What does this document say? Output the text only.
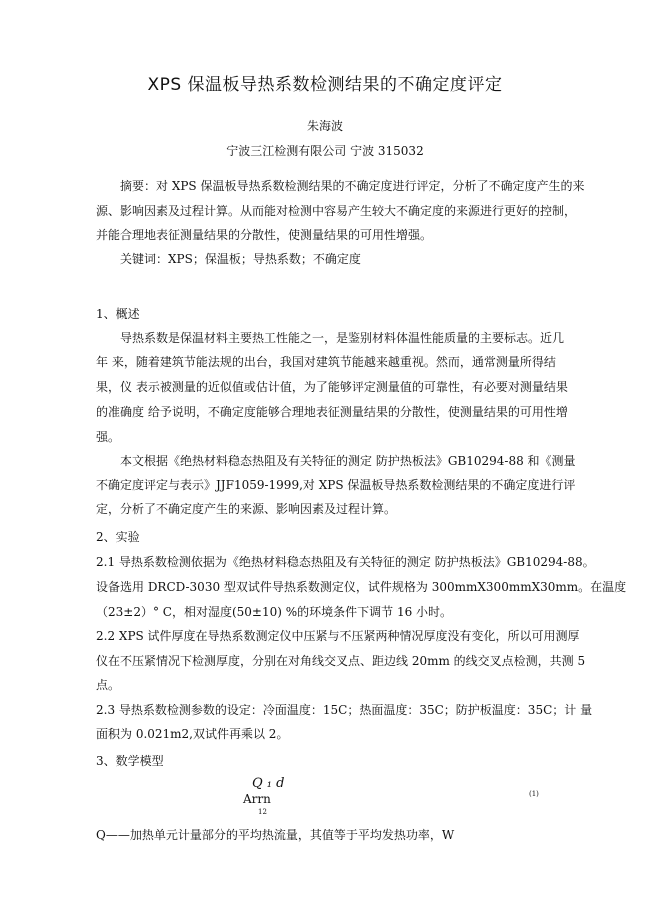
XPS 保温板导热系数检测结果的不确定度评定
朱海波
宁波三江检测有限公司 宁波 315032
摘要：对 XPS 保温板导热系数检测结果的不确定度进行评定，分析了不确定度产生的来
源、影响因素及过程计算。从而能对检测中容易产生较大不确定度的来源进行更好的控制，
并能合理地表征测量结果的分散性，使测量结果的可用性增强。
关键词：XPS；保温板；导热系数；不确定度
1、概述
导热系数是保温材料主要热工性能之一，是鉴别材料体温性能质量的主要标志。近几
年 来，随着建筑节能法规的出台，我国对建筑节能越来越重视。然而，通常测量所得结
果，仪 表示被测量的近似值或估计值，为了能够评定测量值的可靠性，有必要对测量结果
的准确度 给予说明，不确定度能够合理地表征测量结果的分散性，使测量结果的可用性增
强。
本文根据《绝热材料稳态热阻及有关特征的测定 防护热板法》GB10294-88 和《测量
不确定度评定与表示》JJF1059-1999,对 XPS 保温板导热系数检测结果的不确定度进行评
定，分析了不确定度产生的来源、影响因素及过程计算。
2、实验
2.1 导热系数检测依据为《绝热材料稳态热阻及有关特征的测定 防护热板法》GB10294-88。
设备选用 DRCD-3030 型双试件导热系数测定仪，试件规格为 300mmX300mmX30mm。在温度
（23±2）° C，相对湿度(50±10) %的环境条件下调节 16 小时。
2.2 XPS 试件厚度在导热系数测定仪中压紧与不压紧两种情况厚度没有变化，所以可用测厚
仪在不压紧情况下检测厚度，分别在对角线交叉点、距边线 20mm 的线交叉点检测，共测 5
点。
2.3 导热系数检测参数的设定：冷面温度：15C；热面温度：35C；防护板温度：35C；计 量
面积为 0.021m2,双试件再乘以 2。
3、数学模型
Q ₁ d
Arrn
12
(1)
Q——加热单元计量部分的平均热流量，其值等于平均发热功率，W
